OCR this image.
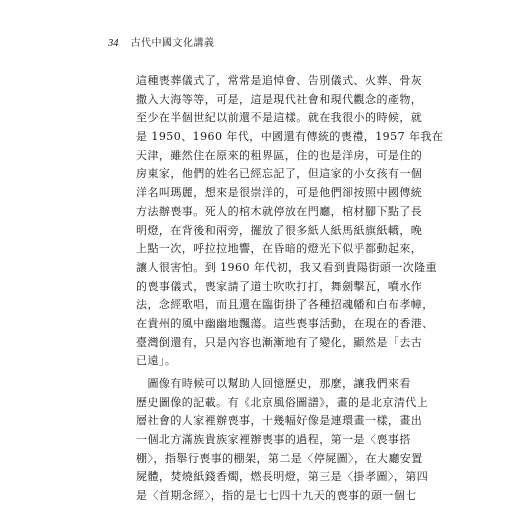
34 古代中國文化講義
這種喪葬儀式了，常常是追悼會、告別儀式、火葬、骨灰
撒入大海等等，可是，這是現代社會和現代觀念的產物，
至少在半個世紀以前還不是這樣。就在我很小的時候，就
是 1950、1960 年代，中國還有傳統的喪禮，1957 年我在
天津，雖然住在原來的租界區，住的也是洋房，可是住的
房東家，他們的姓名已經忘記了，但這家的小女孩有一個
洋名叫瑪麗，想來是很崇洋的，可是他們卻按照中國傳統
方法辦喪事。死人的棺木就停放在門廳，棺材腳下點了長
明燈，在背後和兩旁，擺放了很多紙人紙馬紙旗紙轎，晚
上點一次，呼拉拉地響，在昏暗的燈光下似乎都動起來，
讓人很害怕。到 1960 年代初，我又看到貴陽街頭一次隆重
的喪事儀式，喪家請了道士吹吹打打，舞劍擊瓦，噴水作
法，念經歌唱，而且還在臨街掛了各種招魂幡和白布孝幛，
在貴州的風中幽幽地飄蕩。這些喪事活動，在現在的香港、
臺灣倒還有，只是內容也漸漸地有了變化，顯然是「去古
已遠」。
　圖像有時候可以幫助人回憶歷史，那麼，讓我們來看
歷史圖像的記載。有《北京風俗圖譜》，畫的是北京清代上
層社會的人家裡辦喪事，十幾幅好像是連環畫一樣，畫出
一個北方滿族貴族家裡辦喪事的過程，第一是〈喪事搭
棚〉，指舉行喪事的棚架，第二是〈停屍圖〉，在大廳安置
屍體，焚燒紙錢香燭，燃長明燈，第三是〈掛孝圖〉，第四
是〈首期念經〉，指的是七七四十九天的喪事的頭一個七
